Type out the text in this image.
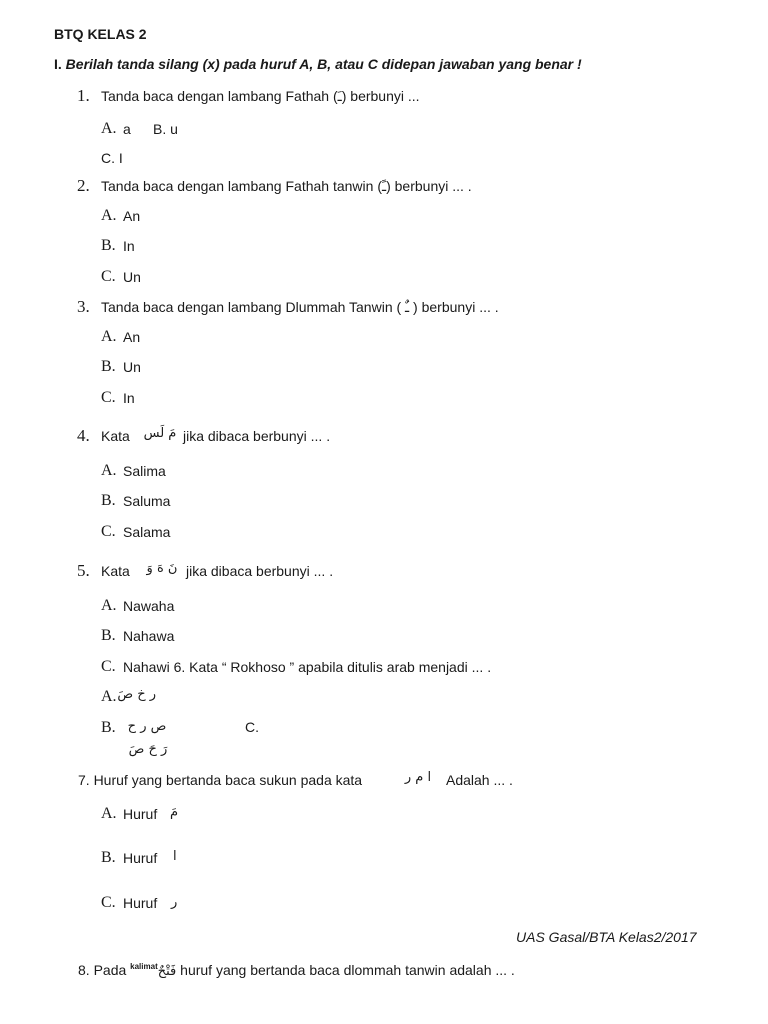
BTQ KELAS 2
I. Berilah tanda silang (x) pada huruf A, B, atau C didepan jawaban yang benar !
1. Tanda baca dengan lambang Fathah (ـَ) berbunyi ...
A. a B. u
C. I
2. Tanda baca dengan lambang Fathah tanwin (ـً) berbunyi ... .
A. An
B. In
C. Un
3. Tanda baca dengan lambang Dlummah Tanwin ( ـٌ ) berbunyi ... .
A. An
B. Un
C. In
4. Kata مَ لَس jika dibaca berbunyi ... .
A. Salima
B. Saluma
C. Salama
5. Kata	نَ هَ وَ jika dibaca berbunyi ... .
A. Nawaha
B. Nahawa
C. Nahawi 6. Kata “ Rokhoso ” apabila ditulis arab menjadi ... .
A. ر خ صَ
B. ص ر ح	C.
رَ حَ صَ
7. Huruf yang bertanda baca sukun pada kata	ا م ر	Adalah ... .
A. Huruf مَ
B. Huruf ا
C. Huruf ر
UAS Gasal/BTA Kelas2/2017
8. Pada $^{kalimat}$فَتْحٌ huruf yang bertanda baca dlommah tanwin adalah ... .
